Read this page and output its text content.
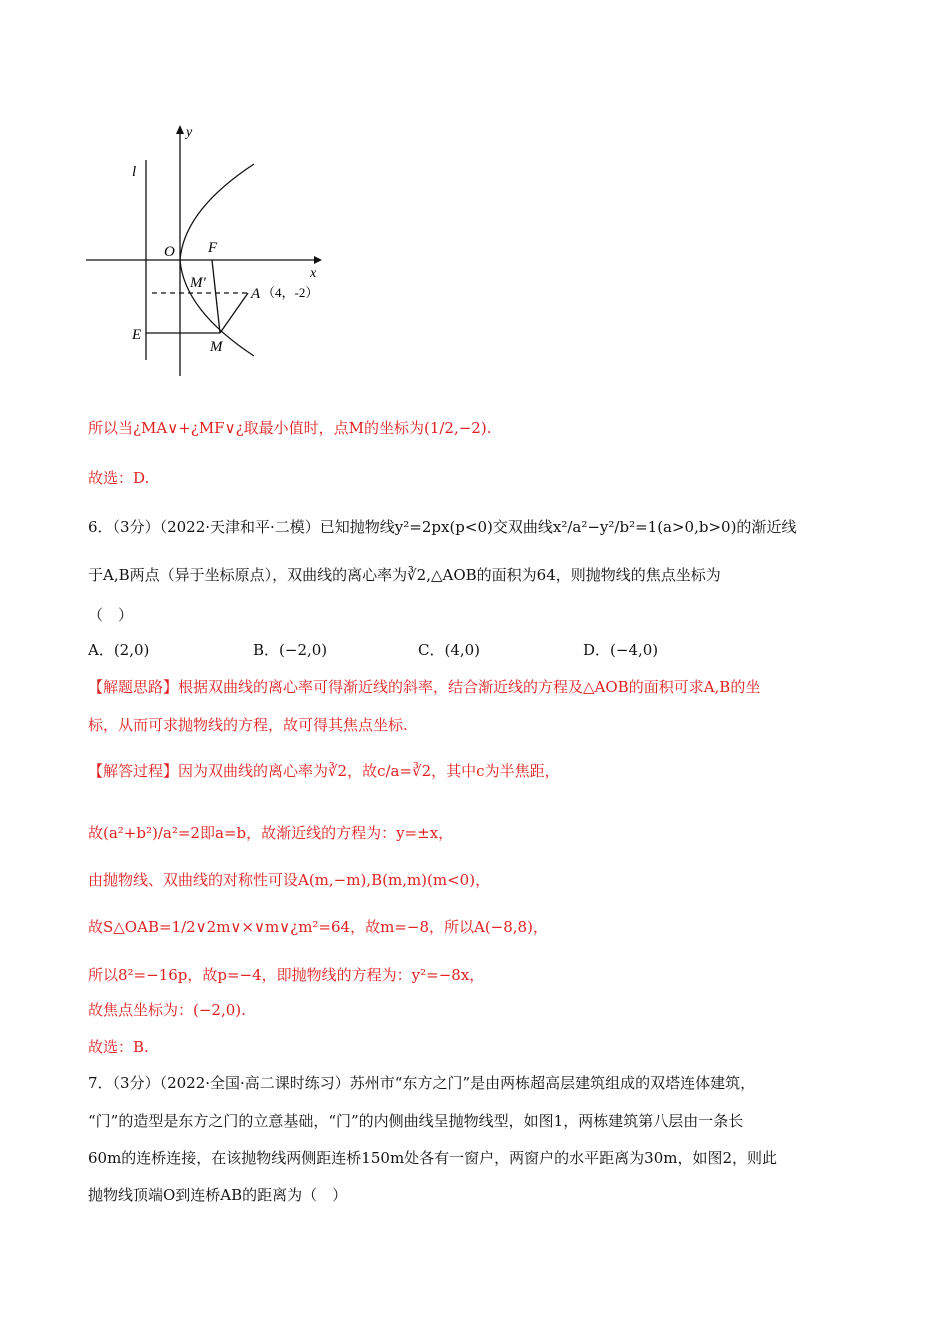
y
x
l
O F
M'
A （4，-2）
E
M
所以当¿MA∨+¿MF∨¿取最小值时，点M的坐标为(1/2,−2).
故选：D.
6．（3分）（2022·天津和平·二模）已知抛物线y²=2px(p<0)交双曲线x²/a²−y²/b²=1(a>0,b>0)的渐近线
于A,B两点（异于坐标原点），双曲线的离心率为∛2,△AOB的面积为64，则抛物线的焦点坐标为
（　）
A．(2,0)	B．(−2,0)	C．(4,0)	D．(−4,0)
【解题思路】根据双曲线的离心率可得渐近线的斜率，结合渐近线的方程及△AOB的面积可求A,B的坐
标，从而可求抛物线的方程，故可得其焦点坐标.
【解答过程】因为双曲线的离心率为∛2，故c/a=∛2，其中c为半焦距，
故(a²+b²)/a²=2即a=b，故渐近线的方程为：y=±x，
由抛物线、双曲线的对称性可设A(m,−m),B(m,m)(m<0)，
故S△OAB=1/2∨2m∨×∨m∨¿m²=64，故m=−8，所以A(−8,8)，
所以8²=−16p，故p=−4，即抛物线的方程为：y²=−8x，
故焦点坐标为：(−2,0).
故选：B.
7．（3分）（2022·全国·高二课时练习）苏州市“东方之门”是由两栋超高层建筑组成的双塔连体建筑，
“门”的造型是东方之门的立意基础，“门”的内侧曲线呈抛物线型，如图1，两栋建筑第八层由一条长
60m的连桥连接，在该抛物线两侧距连桥150m处各有一窗户，两窗户的水平距离为30m，如图2，则此
抛物线顶端O到连桥AB的距离为（　）
